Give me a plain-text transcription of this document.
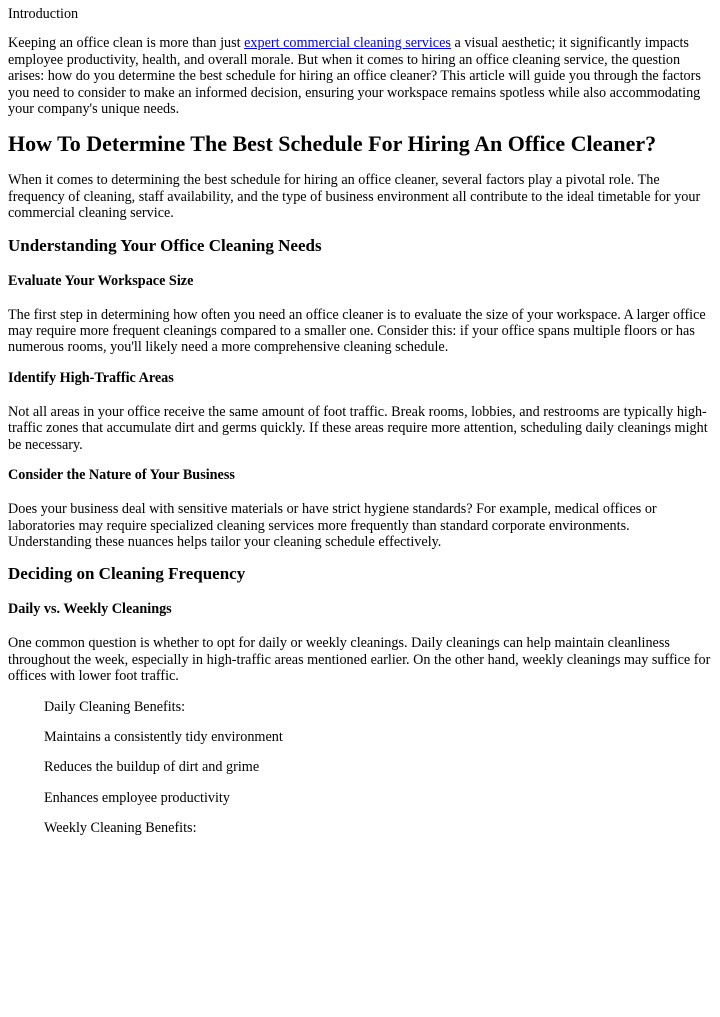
Introduction

Keeping an office clean is more than just expert commercial cleaning services a visual aesthetic; it significantly impacts employee productivity, health, and overall morale. But when it comes to hiring an office cleaning service, the question arises: how do you determine the best schedule for hiring an office cleaner? This article will guide you through the factors you need to consider to make an informed decision, ensuring your workspace remains spotless while also accommodating your company's unique needs.

How To Determine The Best Schedule For Hiring An Office Cleaner?

When it comes to determining the best schedule for hiring an office cleaner, several factors play a pivotal role. The frequency of cleaning, staff availability, and the type of business environment all contribute to the ideal timetable for your commercial cleaning service.

Understanding Your Office Cleaning Needs
Evaluate Your Workspace Size

The first step in determining how often you need an office cleaner is to evaluate the size of your workspace. A larger office may require more frequent cleanings compared to a smaller one. Consider this: if your office spans multiple floors or has numerous rooms, you'll likely need a more comprehensive cleaning schedule.

Identify High-Traffic Areas

Not all areas in your office receive the same amount of foot traffic. Break rooms, lobbies, and restrooms are typically high-traffic zones that accumulate dirt and germs quickly. If these areas require more attention, scheduling daily cleanings might be necessary.

Consider the Nature of Your Business

Does your business deal with sensitive materials or have strict hygiene standards? For example, medical offices or laboratories may require specialized cleaning services more frequently than standard corporate environments. Understanding these nuances helps tailor your cleaning schedule effectively.

Deciding on Cleaning Frequency
Daily vs. Weekly Cleanings

One common question is whether to opt for daily or weekly cleanings. Daily cleanings can help maintain cleanliness throughout the week, especially in high-traffic areas mentioned earlier. On the other hand, weekly cleanings may suffice for offices with lower foot traffic.

Daily Cleaning Benefits:

Maintains a consistently tidy environment

Reduces the buildup of dirt and grime

Enhances employee productivity

Weekly Cleaning Benefits:
